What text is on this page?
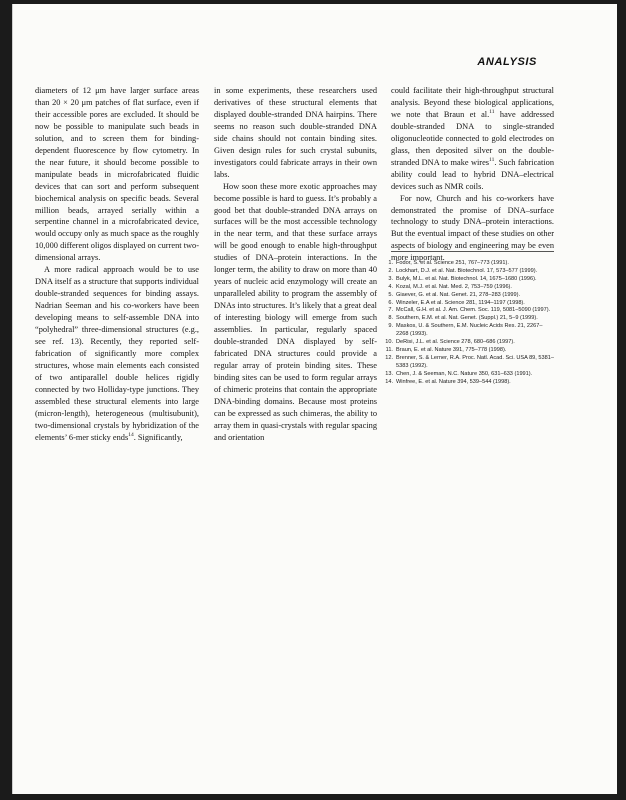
ANALYSIS

diameters of 12 μm have larger surface areas than 20 × 20 μm patches of flat surface, even if their accessible pores are excluded. It should be now be possible to manipulate such beads in solution, and to screen them for binding-dependent fluorescence by flow cytometry. In the near future, it should become possible to manipulate beads in microfabricated fluidic devices that can sort and perform subsequent biochemical analysis on specific beads. Several million beads, arrayed serially within a serpentine channel in a microfabricated device, would occupy only as much space as the roughly 10,000 different oligos displayed on current two-dimensional arrays.

A more radical approach would be to use DNA itself as a structure that supports individual double-stranded sequences for binding assays. Nadrian Seeman and his co-workers have been developing means to self-assemble DNA into “polyhedral” three-dimensional structures (e.g., see ref. 13). Recently, they reported self-fabrication of significantly more complex structures, whose main elements each consisted of two antiparallel double helices rigidly connected by two Holliday-type junctions. They assembled these structural elements into large (micron-length), heterogeneous (multisubunit), two-dimensional crystals by hybridization of the elements’ 6-mer sticky ends$^{14}$. Significantly,

in some experiments, these researchers used derivatives of these structural elements that displayed double-stranded DNA hairpins. There seems no reason such double-stranded DNA side chains should not contain binding sites. Given design rules for such crystal subunits, investigators could fabricate arrays in their own labs.

How soon these more exotic approaches may become possible is hard to guess. It’s probably a good bet that double-stranded DNA arrays on surfaces will be the most accessible technology in the near term, and that these surface arrays will be good enough to enable high-throughput studies of DNA–protein interactions. In the longer term, the ability to draw on more than 40 years of nucleic acid enzymology will create an unparalleled ability to program the assembly of DNAs into structures. It’s likely that a great deal of interesting biology will emerge from such assemblies. In particular, regularly spaced double-stranded DNA displayed by self-fabricated DNA structures could provide a regular array of protein binding sites. These binding sites can be used to form regular arrays of chimeric proteins that contain the appropriate DNA-binding domains. Because most proteins can be expressed as such chimeras, the ability to array them in quasi-crystals with regular spacing and orientation

could facilitate their high-throughput structural analysis. Beyond these biological applications, we note that Braun et al.$^{11}$ have addressed double-stranded DNA to single-stranded oligonucleotide connected to gold electrodes on glass, then deposited silver on the double-stranded DNA to make wires$^{11}$. Such fabrication ability could lead to hybrid DNA–electrical devices such as NMR coils.

For now, Church and his co-workers have demonstrated the promise of DNA–surface technology to study DNA–protein interactions. But the eventual impact of these studies on other aspects of biology and engineering may be even more important.

1. Fodor, S. et al. Science 251, 767–773 (1991).
2. Lockhart, D.J. et al. Nat. Biotechnol. 17, 573–577 (1999).
3. Bulyk, M.L. et al. Nat. Biotechnol. 14, 1675–1680 (1996).
4. Kozal, M.J. et al. Nat. Med. 2, 753–759 (1996).
5. Giaever, G. et al. Nat. Genet. 21, 278–283 (1999).
6. Winzeler, E.A et al. Science 281, 1194–1197 (1998).
7. McCall, G.H. et al. J. Am. Chem. Soc. 119, 5081–5090 (1997).
8. Southern, E.M. et al. Nat. Genet. (Suppl.) 21, 5–9 (1999).
9. Maskos, U. & Southern, E.M. Nucleic Acids Res. 21, 2267–2268 (1993).
10. DeRisi, J.L. et al. Science 278, 680–686 (1997).
11. Braun, E. et al. Nature 391, 775–778 (1998).
12. Brenner, S. & Lerner, R.A. Proc. Natl. Acad. Sci. USA 89, 5381–5383 (1992).
13. Chen, J. & Seeman, N.C. Nature 350, 631–633 (1991).
14. Winfree, E. et al. Nature 394, 539–544 (1998).
